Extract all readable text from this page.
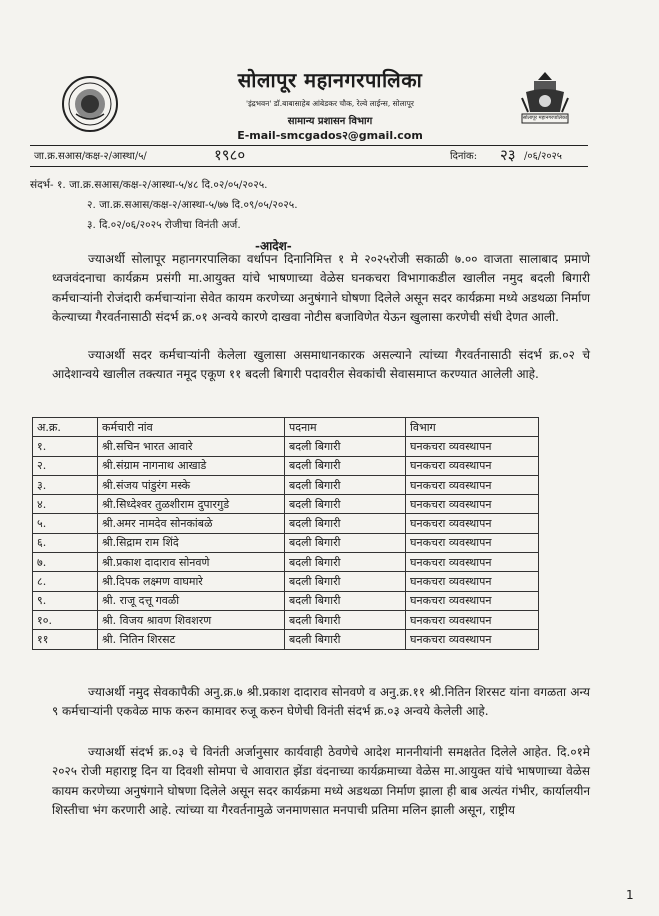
सोलापूर महानगरपालिका
सोलापूर महानगरपालिका
'इंद्रभवन' डॉ.बाबासाहेब आंबेडकर चौक, रेल्वे लाईन्स, सोलापूर
सामान्य प्रशासन विभाग
E-mail-smcgados२@gmail.com
जा.क्र.सआस/कक्ष-२/आस्था/५/	१९८०	दिनांक: २३ /०६/२०२५
संदर्भ- १. जा.क्र.सआस/कक्ष-२/आस्था-५/४८ दि.०२/०५/२०२५.
२. जा.क्र.सआस/कक्ष-२/आस्था-५/७७ दि.०९/०५/२०२५.
३. दि.०२/०६/२०२५ रोजीचा विनंती अर्ज.
-आदेश-
ज्याअर्थी सोलापूर महानगरपालिका वर्धापन दिनानिमित्त १ मे २०२५रोजी सकाळी ७.०० वाजता सालाबाद प्रमाणे ध्वजवंदनाचा कार्यक्रम प्रसंगी मा.आयुक्त यांचे भाषणाच्या वेळेस घनकचरा विभागाकडील खालील नमुद बदली बिगारी कर्मचाऱ्यांनी रोजंदारी कर्मचाऱ्यांना सेवेत कायम करणेच्या अनुषंगाने घोषणा दिलेले असून सदर कार्यक्रमा मध्ये अडथळा निर्माण केल्याच्या गैरवर्तनासाठी संदर्भ क्र.०१ अन्वये कारणे दाखवा नोटीस बजाविणेत येऊन खुलासा करणेची संधी देणत आली.
ज्याअर्थी सदर कर्मचाऱ्यांनी केलेला खुलासा असमाधानकारक असल्याने त्यांच्या गैरवर्तनासाठी संदर्भ क्र.०२ चे आदेशान्वये खालील तक्त्यात नमूद एकूण ११ बदली बिगारी पदावरील सेवकांची सेवासमाप्त करण्यात आलेली आहे.
अ.क्र.	कर्मचारी नांव	पदनाम	विभाग
१.	श्री.सचिन भारत आवारे	बदली बिगारी	घनकचरा व्यवस्थापन
२.	श्री.संग्राम नागनाथ आखाडे	बदली बिगारी	घनकचरा व्यवस्थापन
३.	श्री.संजय पांडुरंग मस्के	बदली बिगारी	घनकचरा व्यवस्थापन
४.	श्री.सिध्देश्वर तुळशीराम दुपारगुडे	बदली बिगारी	घनकचरा व्यवस्थापन
५.	श्री.अमर नामदेव सोनकांबळे	बदली बिगारी	घनकचरा व्यवस्थापन
६.	श्री.सिद्राम राम शिंदे	बदली बिगारी	घनकचरा व्यवस्थापन
७.	श्री.प्रकाश दादाराव सोनवणे	बदली बिगारी	घनकचरा व्यवस्थापन
८.	श्री.दिपक लक्ष्मण वाघमारे	बदली बिगारी	घनकचरा व्यवस्थापन
९.	श्री. राजू दत्तू गवळी	बदली बिगारी	घनकचरा व्यवस्थापन
१०.	श्री. विजय श्रावण शिवशरण	बदली बिगारी	घनकचरा व्यवस्थापन
११	श्री. नितिन शिरसट	बदली बिगारी	घनकचरा व्यवस्थापन
ज्याअर्थी नमुद सेवकापैकी अनु.क्र.७ श्री.प्रकाश दादाराव सोनवणे व अनु.क्र.११ श्री.नितिन शिरसट यांना वगळता अन्य ९ कर्मचाऱ्यांनी एकवेळ माफ करुन कामावर रुजू करुन घेणेची विनंती संदर्भ क्र.०३ अन्वये केलेली आहे.
ज्याअर्थी संदर्भ क्र.०३ चे विनंती अर्जानुसार कार्यवाही ठेवणेचे आदेश माननीयांनी समक्षतेत दिलेले आहेत. दि.०१मे २०२५ रोजी महाराष्ट्र दिन या दिवशी सोमपा चे आवारात झेंडा वंदनाच्या कार्यक्रमाच्या वेळेस मा.आयुक्त यांचे भाषणाच्या वेळेस कायम करणेच्या अनुषंगाने घोषणा दिलेले असून सदर कार्यक्रमा मध्ये अडथळा निर्माण झाला ही बाब अत्यंत गंभीर, कार्यालयीन शिस्तीचा भंग करणारी आहे. त्यांच्या या गैरवर्तनामुळे जनमाणसात मनपाची प्रतिमा मलिन झाली असून, राष्ट्रीय
1
